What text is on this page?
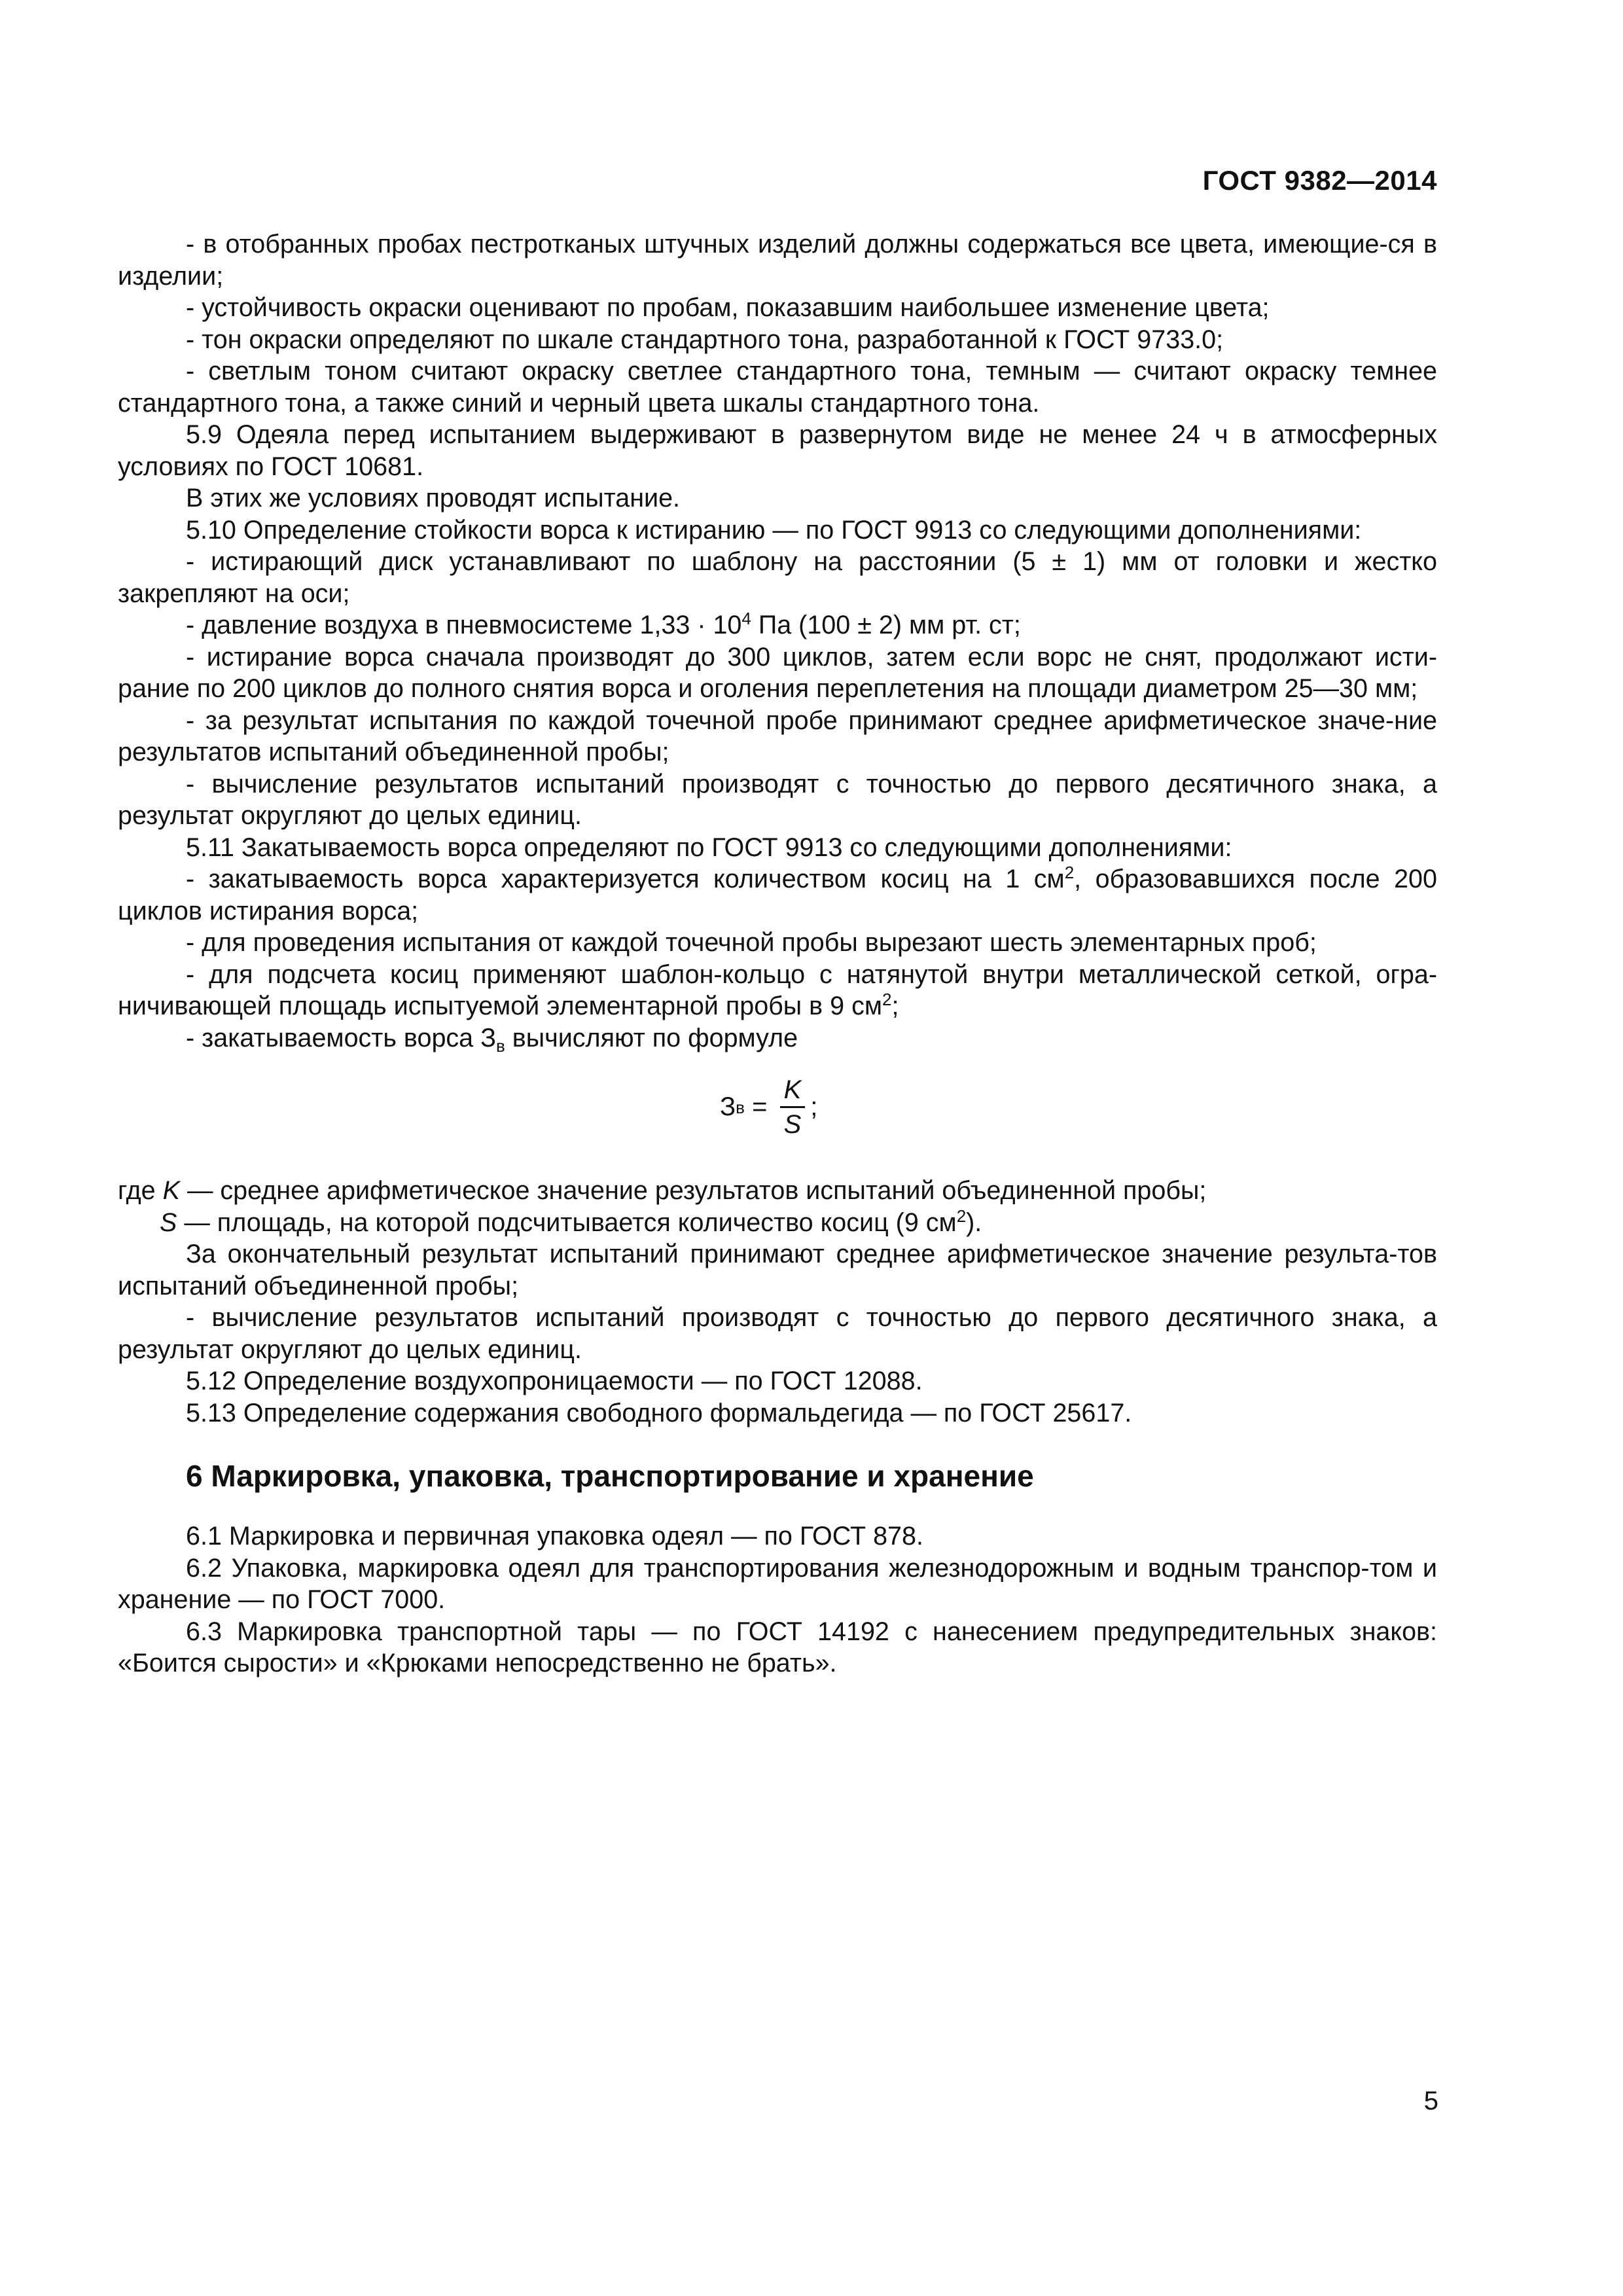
ГОСТ 9382—2014

- в отобранных пробах пестротканых штучных изделий должны содержаться все цвета, имеющие-ся в изделии;

- устойчивость окраски оценивают по пробам, показавшим наибольшее изменение цвета;

- тон окраски определяют по шкале стандартного тона, разработанной к ГОСТ 9733.0;

- светлым тоном считают окраску светлее стандартного тона, темным — считают окраску темнее стандартного тона, а также синий и черный цвета шкалы стандартного тона.

5.9 Одеяла перед испытанием выдерживают в развернутом виде не менее 24 ч в атмосферных условиях по ГОСТ 10681.

В этих же условиях проводят испытание.

5.10 Определение стойкости ворса к истиранию — по ГОСТ 9913 со следующими дополнениями:

- истирающий диск устанавливают по шаблону на расстоянии (5 ± 1) мм от головки и жестко закрепляют на оси;

- давление воздуха в пневмосистеме $1,33 \cdot 10^4$ Па (100 ± 2) мм рт. ст;

- истирание ворса сначала производят до 300 циклов, затем если ворс не снят, продолжают исти-рание по 200 циклов до полного снятия ворса и оголения переплетения на площади диаметром 25—30 мм;

- за результат испытания по каждой точечной пробе принимают среднее арифметическое значе-ние результатов испытаний объединенной пробы;

- вычисление результатов испытаний производят с точностью до первого десятичного знака, а результат округляют до целых единиц.

5.11 Закатываемость ворса определяют по ГОСТ 9913 со следующими дополнениями:

- закатываемость ворса характеризуется количеством косиц на 1 $см^2$, образовавшихся после 200 циклов истирания ворса;

- для проведения испытания от каждой точечной пробы вырезают шесть элементарных проб;

- для подсчета косиц применяют шаблон-кольцо с натянутой внутри металлической сеткой, огра-ничивающей площадь испытуемой элементарной пробы в 9 $см^2$;

- закатываемость ворса $З_в$ вычисляют по формуле

З $в = \frac{K}{S}$ ;

где K — среднее арифметическое значение результатов испытаний объединенной пробы;

S — площадь, на которой подсчитывается количество косиц (9 $см^2$).

За окончательный результат испытаний принимают среднее арифметическое значение результа-тов испытаний объединенной пробы;

- вычисление результатов испытаний производят с точностью до первого десятичного знака, а результат округляют до целых единиц.

5.12 Определение воздухопроницаемости — по ГОСТ 12088.

5.13 Определение содержания свободного формальдегида — по ГОСТ 25617.

6 Маркировка, упаковка, транспортирование и хранение

6.1 Маркировка и первичная упаковка одеял — по ГОСТ 878.

6.2 Упаковка, маркировка одеял для транспортирования железнодорожным и водным транспор-том и хранение — по ГОСТ 7000.

6.3 Маркировка транспортной тары — по ГОСТ 14192 с нанесением предупредительных знаков: «Боится сырости» и «Крюками непосредственно не брать».

5
